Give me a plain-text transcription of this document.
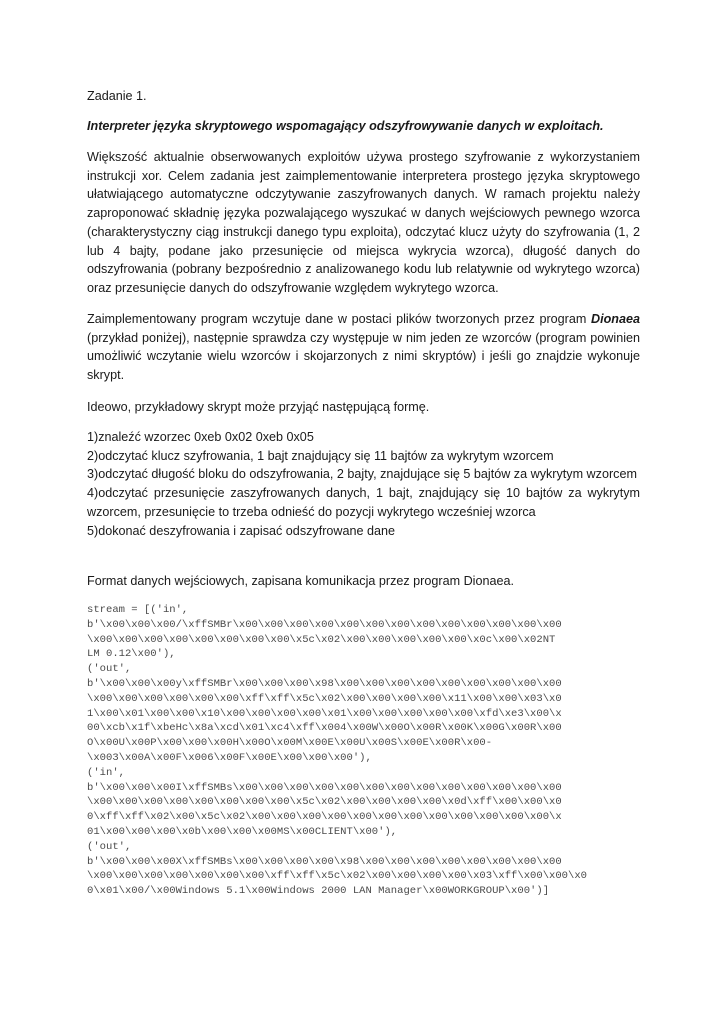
Zadanie 1.
Interpreter języka skryptowego wspomagający odszyfrowywanie danych w exploitach.
Większość aktualnie obserwowanych exploitów używa prostego szyfrowanie z wykorzystaniem instrukcji xor. Celem zadania jest zaimplementowanie interpretera prostego języka skryptowego ułatwiającego automatyczne odczytywanie zaszyfrowanych danych. W ramach projektu należy zaproponować składnię języka pozwalającego wyszukać w danych wejściowych pewnego wzorca (charakterystyczny ciąg instrukcji danego typu exploita), odczytać klucz użyty do szyfrowania (1, 2 lub 4 bajty, podane jako przesunięcie od miejsca wykrycia wzorca), długość danych do odszyfrowania (pobrany bezpośrednio z analizowanego kodu lub relatywnie od wykrytego wzorca) oraz przesunięcie danych do odszyfrowanie względem wykrytego wzorca.
Zaimplementowany program wczytuje dane w postaci plików tworzonych przez program Dionaea (przykład poniżej), następnie sprawdza czy występuje w nim jeden ze wzorców (program powinien umożliwić wczytanie wielu wzorców i skojarzonych z nimi skryptów) i jeśli go znajdzie wykonuje skrypt.
Ideowo, przykładowy skrypt może przyjąć następującą formę.
1)znaleźć wzorzec 0xeb 0x02 0xeb 0x05
2)odczytać klucz szyfrowania, 1 bajt znajdujący się 11 bajtów za wykrytym wzorcem
3)odczytać długość bloku do odszyfrowania, 2 bajty, znajdujące się 5 bajtów za wykrytym wzorcem
4)odczytać przesunięcie zaszyfrowanych danych, 1 bajt, znajdujący się 10 bajtów za wykrytym wzorcem, przesunięcie to trzeba odnieść do pozycji wykrytego wcześniej wzorca
5)dokonać deszyfrowania i zapisać odszyfrowane dane
Format danych wejściowych, zapisana komunikacja przez program Dionaea.
stream = [('in',
b'\x00\x00\x00/\xffSMBr\x00\x00\x00\x00\x00\x00\x00\x00\x00\x00\x00\x00\x00
\x00\x00\x00\x00\x00\x00\x00\x00\x5c\x02\x00\x00\x00\x00\x00\x0c\x00\x02NT
LM 0.12\x00'),
('out',
b'\x00\x00\x00y\xffSMBr\x00\x00\x00\x98\x00\x00\x00\x00\x00\x00\x00\x00\x00
\x00\x00\x00\x00\x00\x00\xff\xff\x5c\x02\x00\x00\x00\x00\x11\x00\x00\x03\x0
1\x00\x01\x00\x00\x10\x00\x00\x00\x00\x01\x00\x00\x00\x00\x00\xfd\xe3\x00\x
00\xcb\x1f\xbeHc\x8a\xcd\x01\xc4\xff\x004\x00W\x00O\x00R\x00K\x00G\x00R\x00
O\x00U\x00P\x00\x00\x00H\x00O\x00M\x00E\x00U\x00S\x00E\x00R\x00-
\x003\x00A\x00F\x006\x00F\x00E\x00\x00\x00'),
('in',
b'\x00\x00\x00I\xffSMBs\x00\x00\x00\x00\x00\x00\x00\x00\x00\x00\x00\x00\x00
\x00\x00\x00\x00\x00\x00\x00\x00\x5c\x02\x00\x00\x00\x00\x0d\xff\x00\x00\x0
0\xff\xff\x02\x00\x5c\x02\x00\x00\x00\x00\x00\x00\x00\x00\x00\x00\x00\x00\x
01\x00\x00\x00\x0b\x00\x00\x00MS\x00CLIENT\x00'),
('out',
b'\x00\x00\x00X\xffSMBs\x00\x00\x00\x00\x98\x00\x00\x00\x00\x00\x00\x00\x00
\x00\x00\x00\x00\x00\x00\x00\xff\xff\x5c\x02\x00\x00\x00\x00\x03\xff\x00\x00\x0
0\x01\x00/\x00Windows 5.1\x00Windows 2000 LAN Manager\x00WORKGROUP\x00')]
